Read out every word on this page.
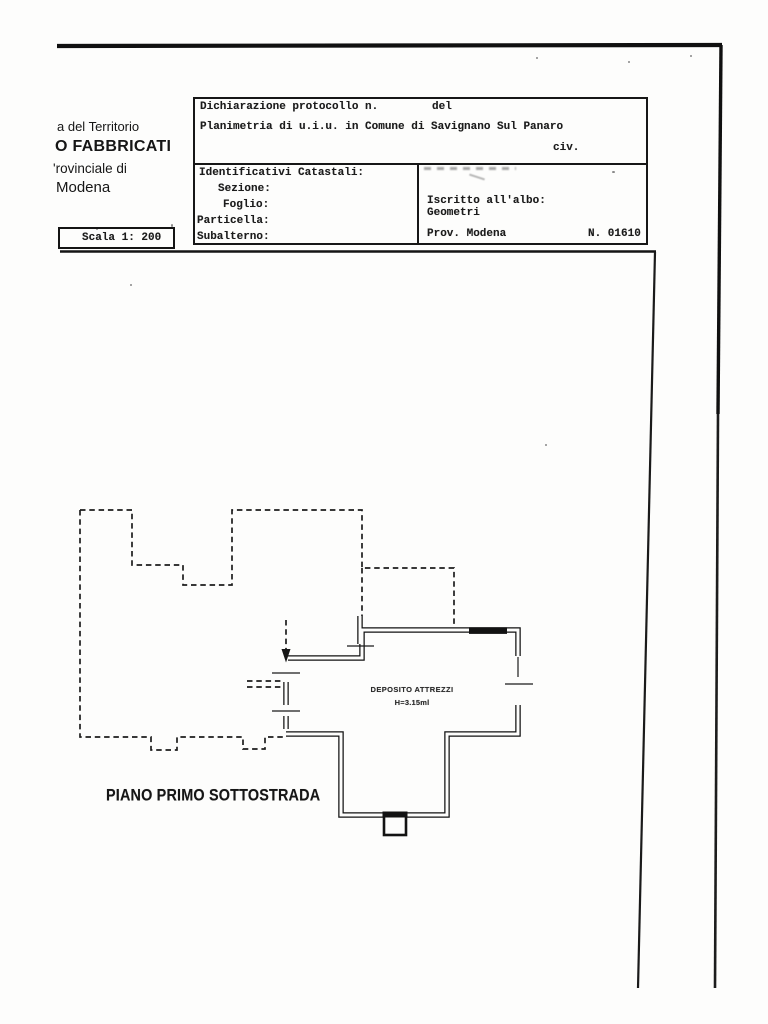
a del Territorio
O FABBRICATI
'rovinciale di
Modena
Scala 1: 200
Dichiarazione protocollo n.	del
Planimetria di u.i.u. in Comune di Savignano Sul Panaro
civ.
Identificativi Catastali:
Sezione:
Foglio:
Particella:
Subalterno:
Iscritto all'albo:
Geometri
Prov. Modena	N. 01610
DEPOSITO ATTREZZI
H=3.15ml
PIANO PRIMO SOTTOSTRADA
